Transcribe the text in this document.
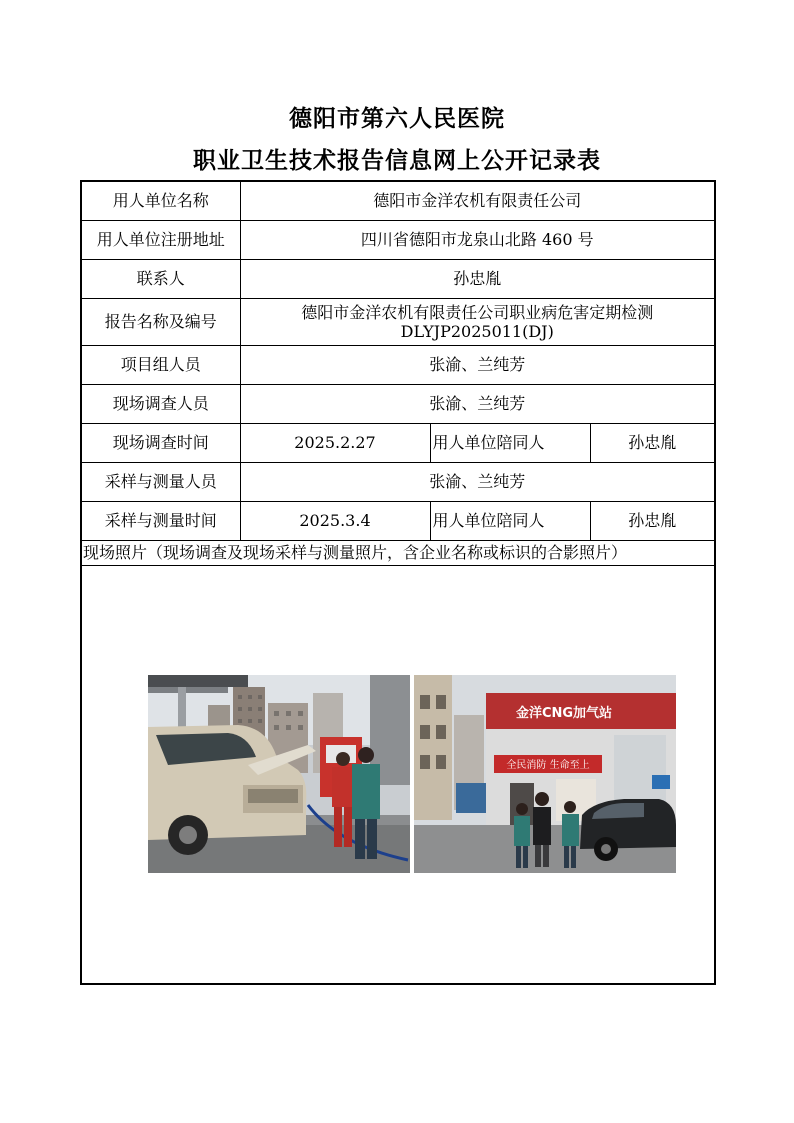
德阳市第六人民医院
职业卫生技术报告信息网上公开记录表
用人单位名称	德阳市金洋农机有限责任公司		
用人单位注册地址	四川省德阳市龙泉山北路 460 号		
联系人	孙忠胤		
报告名称及编号	德阳市金洋农机有限责任公司职业病危害定期检测
DLYJP2025011(DJ)		

项目组人员	张渝、兰纯芳		
现场调查人员	张渝、兰纯芳		
现场调查时间	2025.2.27	用人单位陪同人	孙忠胤
采样与测量人员	张渝、兰纯芳		
采样与测量时间	2025.3.4	用人单位陪同人	孙忠胤
现场照片（现场调查及现场采样与测量照片，含企业名称或标识的合影照片）			

金洋CNG加气站
全民消防 生命至上			
